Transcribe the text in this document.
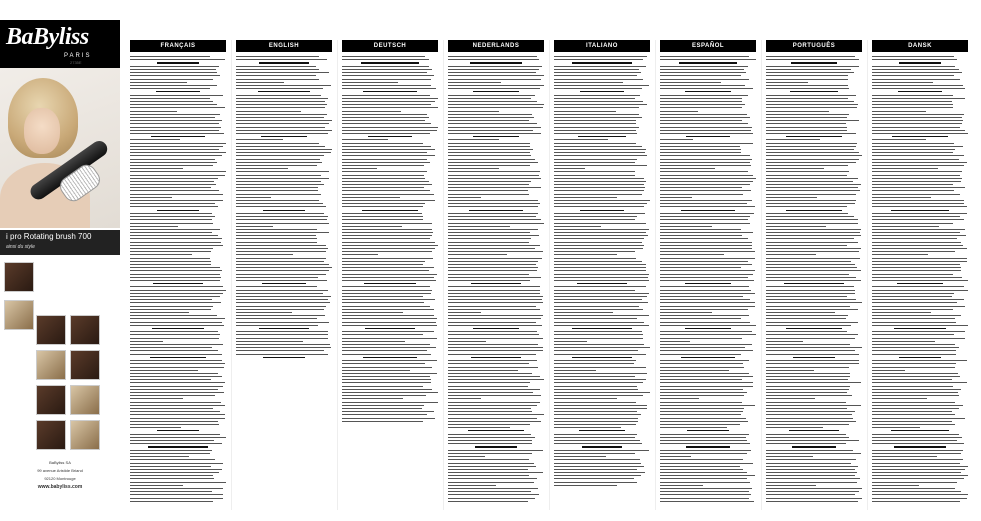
BaByliss
PARIS
2735E
i pro Rotating brush 700
ainsi du style
BaByliss SA
99 avenue Aristide Briand
92120 Montrouge
www.babyliss.com
FRANÇAIS	ENGLISH	DEUTSCH	NEDERLANDS	ITALIANO	ESPAÑOL	PORTUGUÊS	DANSK
